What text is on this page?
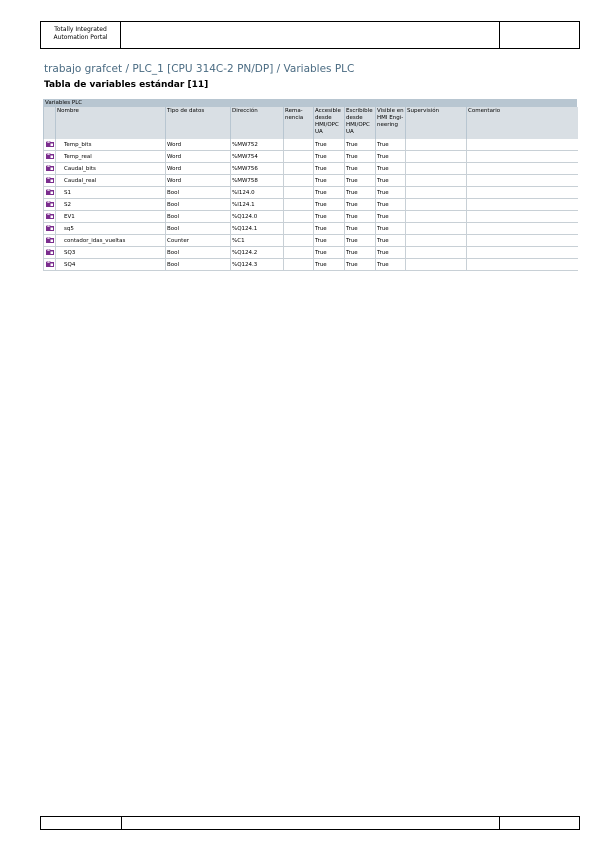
Totally Integrated
Automation Portal
trabajo grafcet / PLC_1 [CPU 314C-2 PN/DP] / Variables PLC
Tabla de variables estándar [11]
Variables PLC
	Nombre	Tipo de datos	Dirección	Rema-
nencia	Accesible
desde
HMI/OPC
UA	Escribible
desde
HMI/OPC
UA	Visible en
HMI Engi-
neering	Supervisión	Comentario

	Temp_bits	Word	%MW752		True	True	True		

	Temp_real	Word	%MW754		True	True	True		

	Caudal_bits	Word	%MW756		True	True	True		

	Caudal_real	Word	%MW758		True	True	True		

	S1	Bool	%I124.0		True	True	True		

	S2	Bool	%I124.1		True	True	True		

	EV1	Bool	%Q124.0		True	True	True		

	sq5	Bool	%Q124.1		True	True	True		

	contador_idas_vueltas	Counter	%C1		True	True	True		

	SQ3	Bool	%Q124.2		True	True	True		

	SQ4	Bool	%Q124.3		True	True	True		
